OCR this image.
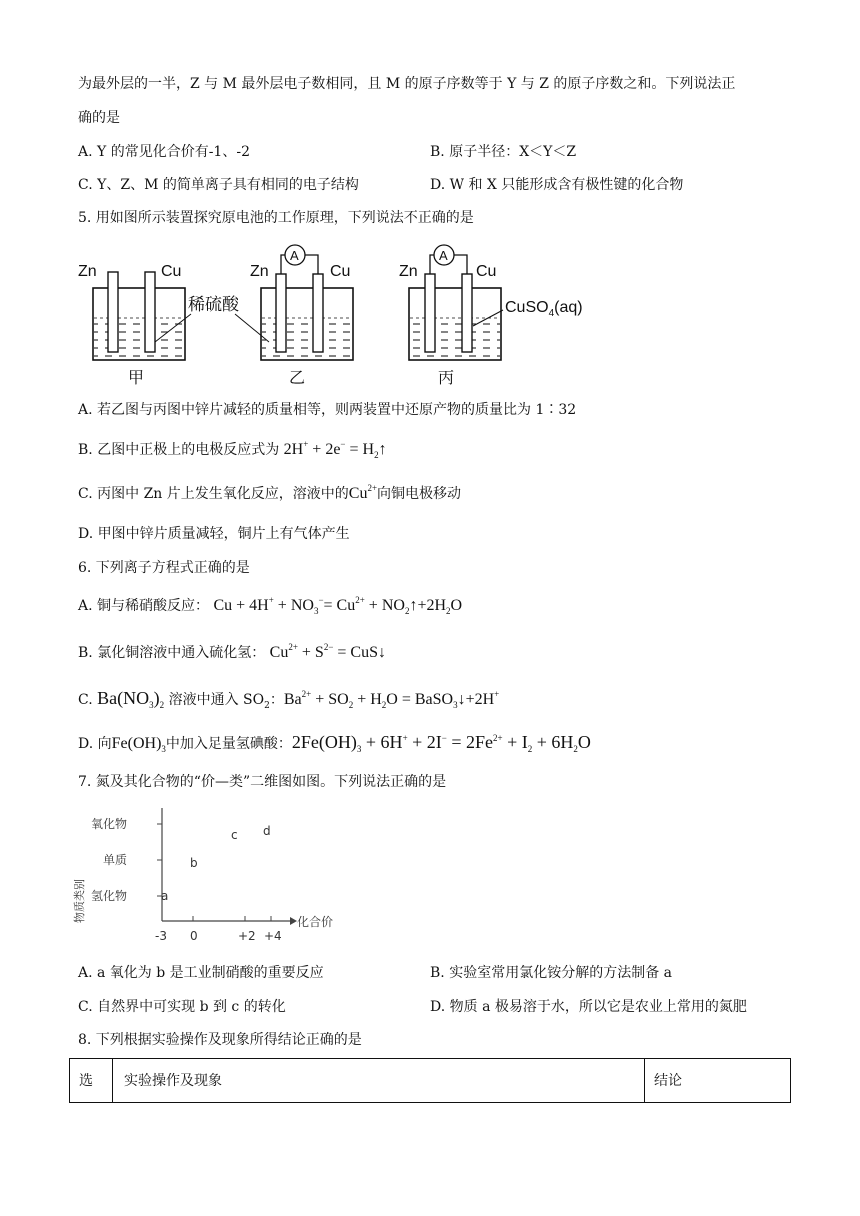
为最外层的一半，Z 与 M 最外层电子数相同，且 M 的原子序数等于 Y 与 Z 的原子序数之和。下列说法正
确的是
A. Y 的常见化合价有-1、-2	B. 原子半径：X＜Y＜Z
C. Y、Z、M 的简单离子具有相同的电子结构	D. W 和 X 只能形成含有极性键的化合物
5. 用如图所示装置探究原电池的工作原理，下列说法不正确的是
Zn	Cu
甲
稀硫酸
Zn	Cu
A
乙
Zn	Cu
A
丙
CuSO$_4$(aq)
A. 若乙图与丙图中锌片减轻的质量相等，则两装置中还原产物的质量比为 1∶32
B. 乙图中正极上的电极反应式为 $2H^+ + 2e^- = H_2↑$
C. 丙图中 Zn 片上发生氧化反应，溶液中的$Cu^{2+}$向铜电极移动
D. 甲图中锌片质量减轻，铜片上有气体产生
6. 下列离子方程式正确的是
A. 铜与稀硝酸反应： $Cu + 4H^+ + NO_3^-= Cu^{2+}$ + $NO_2↑+2H_2O$
B. 氯化铜溶液中通入硫化氢： $Cu^{2+} + S^{2-}$ = CuS↓
C. $Ba(NO_3)_2$ 溶液中通入 $SO_2$：$Ba^{2+} + SO_2 + H_2O$ = BaSO$_3$↓+2H+
D. 向$Fe(OH)_3$中加入足量氢碘酸：$2Fe(OH)_3 + 6H^+ + 2I^- = 2Fe^{2+} + I_2 + 6H_2O$
7. 氮及其化合物的“价—类”二维图如图。下列说法正确的是
氧化物
单质
氢化物
物质类别
-3 0	+2 +4
化合价
a
b
c d
A. a 氧化为 b 是工业制硝酸的重要反应	B. 实验室常用氯化铵分解的方法制备 a
C. 自然界中可实现 b 到 c 的转化	D. 物质 a 极易溶于水，所以它是农业上常用的氮肥
8. 下列根据实验操作及现象所得结论正确的是
选 实验操作及现象	结论
